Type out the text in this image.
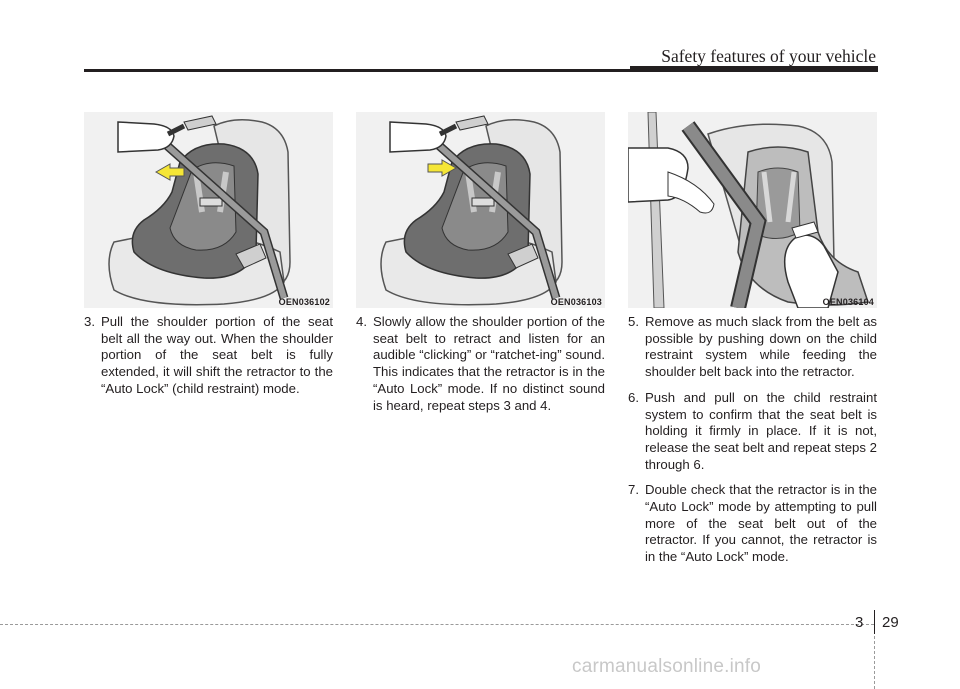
Safety features of your vehicle
OEN036102	OEN036103	OEN036104

3. Pull the shoulder portion of the seat belt all the way out. When the shoulder portion of the seat belt is fully extended, it will shift the retractor to the “Auto Lock” (child restraint) mode.

4. Slowly allow the shoulder portion of the seat belt to retract and listen for an audible “clicking” or “ratchet-ing” sound. This indicates that the retractor is in the “Auto Lock” mode. If no distinct sound is heard, repeat steps 3 and 4.

5. Remove as much slack from the belt as possible by pushing down on the child restraint system while feeding the shoulder belt back into the retractor.

6. Push and pull on the child restraint system to confirm that the seat belt is holding it firmly in place. If it is not, release the seat belt and repeat steps 2 through 6.

7. Double check that the retractor is in the “Auto Lock” mode by attempting to pull more of the seat belt out of the retractor. If you cannot, the retractor is in the “Auto Lock” mode.

3 29
carmanualsonline.info
